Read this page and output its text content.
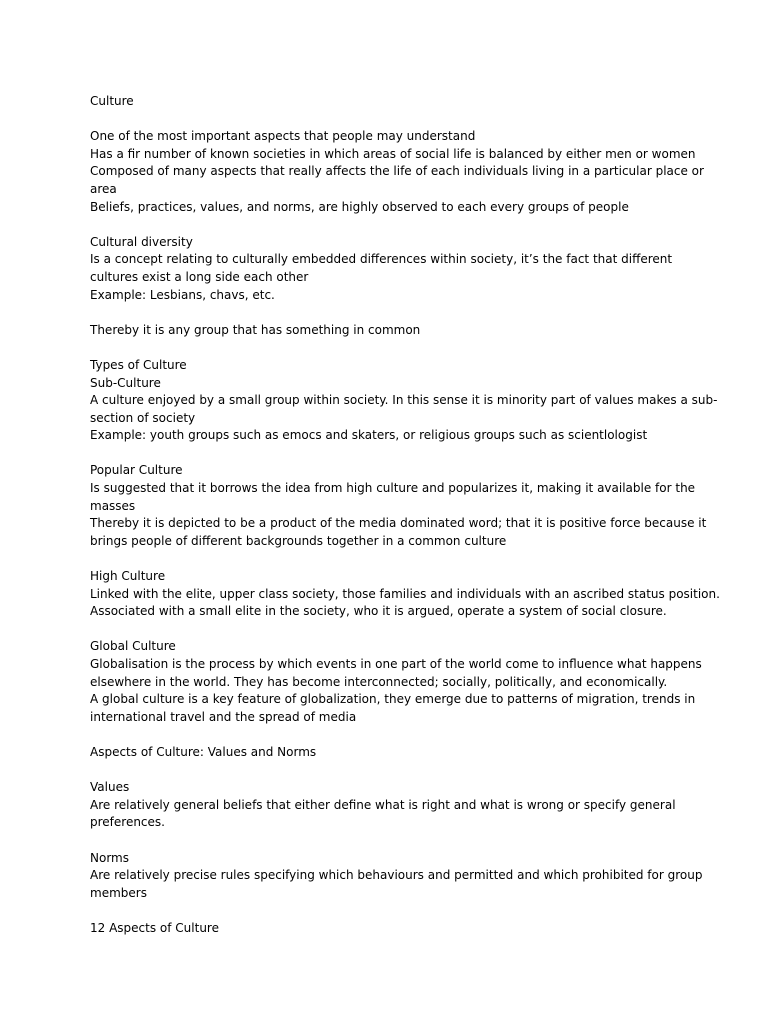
Culture
One of the most important aspects that people may understand
Has a fir number of known societies in which areas of social life is balanced by either men or women
Composed of many aspects that really affects the life of each individuals living in a particular place or
area
Beliefs, practices, values, and norms, are highly observed to each every groups of people
Cultural diversity
Is a concept relating to culturally embedded differences within society, it’s the fact that different
cultures exist a long side each other
Example: Lesbians, chavs, etc.
Thereby it is any group that has something in common
Types of Culture
Sub-Culture
A culture enjoyed by a small group within society. In this sense it is minority part of values makes a sub-
section of society
Example: youth groups such as emocs and skaters, or religious groups such as scientlologist
Popular Culture
Is suggested that it borrows the idea from high culture and popularizes it, making it available for the
masses
Thereby it is depicted to be a product of the media dominated word; that it is positive force because it
brings people of different backgrounds together in a common culture
High Culture
Linked with the elite, upper class society, those families and individuals with an ascribed status position.
Associated with a small elite in the society, who it is argued, operate a system of social closure.
Global Culture
Globalisation is the process by which events in one part of the world come to influence what happens
elsewhere in the world. They has become interconnected; socially, politically, and economically.
A global culture is a key feature of globalization, they emerge due to patterns of migration, trends in
international travel and the spread of media
Aspects of Culture: Values and Norms
Values
Are relatively general beliefs that either define what is right and what is wrong or specify general
preferences.
Norms
Are relatively precise rules specifying which behaviours and permitted and which prohibited for group
members
12 Aspects of Culture
